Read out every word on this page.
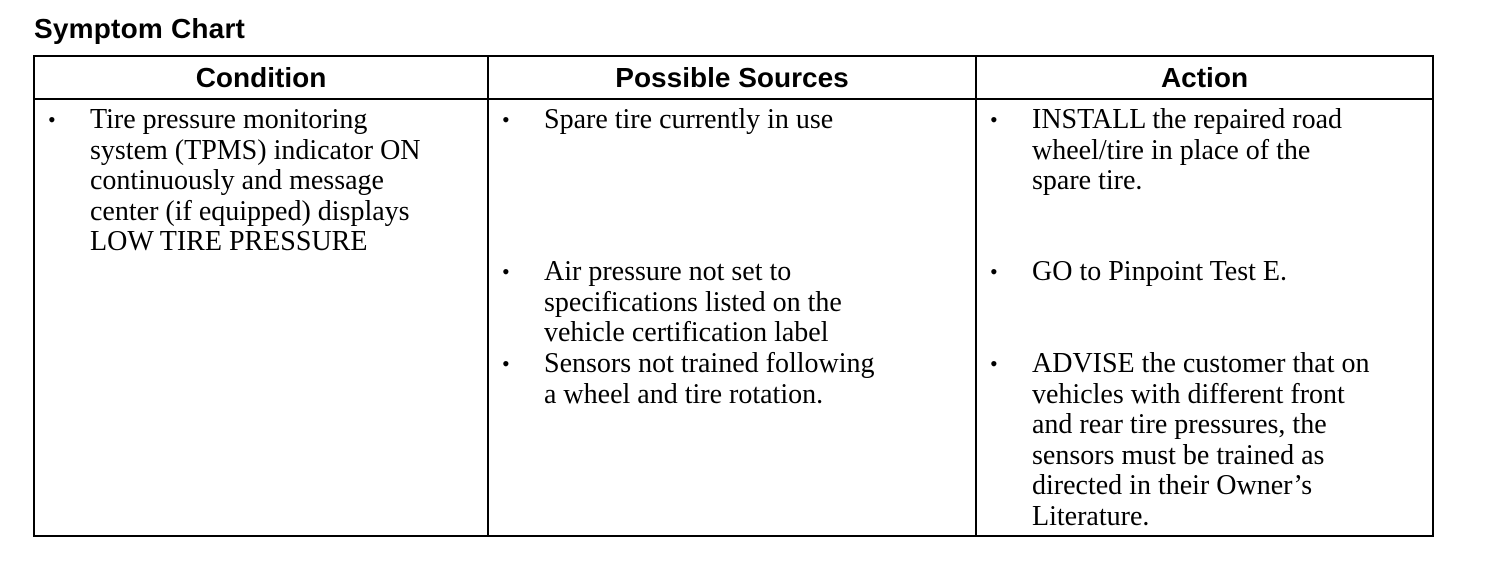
Symptom Chart
Condition	Possible Sources	Action
• Tire pressure monitoring
system (TPMS) indicator ON
continuously and message
center (if equipped) displays
LOW TIRE PRESSURE
• Spare tire currently in use
• Air pressure not set to
specifications listed on the
vehicle certification label
• Sensors not trained following
a wheel and tire rotation.
• INSTALL the repaired road
wheel/tire in place of the
spare tire.
• GO to Pinpoint Test E.
• ADVISE the customer that on
vehicles with different front
and rear tire pressures, the
sensors must be trained as
directed in their Owner’s
Literature.
